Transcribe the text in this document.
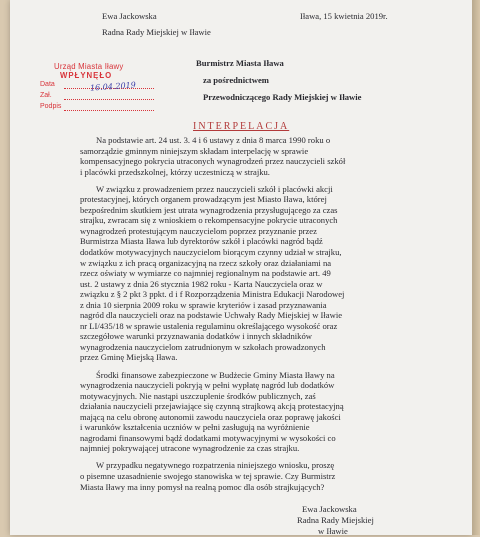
Ewa Jackowska
Radna Rady Miejskiej w Iławie
Iława, 15 kwietnia 2019r.
Urząd Miasta Iławy
WPŁYNĘŁO
Data	16.04.2019
Zał.
Podpis
Burmistrz Miasta Iława
za pośrednictwem
Przewodniczącego Rady Miejskiej w Iławie
INTERPELACJA
Na podstawie art. 24 ust. 3. 4 i 6 ustawy z dnia 8 marca 1990 roku o
samorządzie gminnym niniejszym składam interpelację w sprawie
kompensacyjnego pokrycia utraconych wynagrodzeń przez nauczycieli szkół
i placówki przedszkolnej, którzy uczestniczą w strajku.
W związku z prowadzeniem przez nauczycieli szkół i placówki akcji
protestacyjnej, których organem prowadzącym jest Miasto Iława, której
bezpośrednim skutkiem jest utrata wynagrodzenia przysługującego za czas
strajku, zwracam się z wnioskiem o rekompensacyjne pokrycie utraconych
wynagrodzeń protestującym nauczycielom poprzez przyznanie przez
Burmistrza Miasta Iława lub dyrektorów szkół i placówki nagród bądź
dodatków motywacyjnych nauczycielom biorącym czynny udział w strajku,
w związku z ich pracą organizacyjną na rzecz szkoły oraz działaniami na
rzecz oświaty w wymiarze co najmniej regionalnym na podstawie art. 49
ust. 2 ustawy z dnia 26 stycznia 1982 roku - Karta Nauczyciela oraz w
związku z § 2 pkt 3 ppkt. d i f Rozporządzenia Ministra Edukacji Narodowej
z dnia 10 sierpnia 2009 roku w sprawie kryteriów i zasad przyznawania
nagród dla nauczycieli oraz na podstawie Uchwały Rady Miejskiej w Iławie
nr LI/435/18 w sprawie ustalenia regulaminu określającego wysokość oraz
szczegółowe warunki przyznawania dodatków i innych składników
wynagrodzenia nauczycielom zatrudnionym w szkołach prowadzonych
przez Gminę Miejską Iława.
Środki finansowe zabezpieczone w Budżecie Gminy Miasta Iławy na
wynagrodzenia nauczycieli pokryją w pełni wypłatę nagród lub dodatków
motywacyjnych. Nie nastąpi uszczuplenie środków publicznych, zaś
działania nauczycieli przejawiające się czynną strajkową akcją protestacyjną
mającą na celu obronę autonomii zawodu nauczyciela oraz poprawę jakości
i warunków kształcenia uczniów w pełni zasługują na wyróżnienie
nagrodami finansowymi bądź dodatkami motywacyjnymi w wysokości co
najmniej pokrywającej utracone wynagrodzenie za czas strajku.
W przypadku negatywnego rozpatrzenia niniejszego wniosku, proszę
o pisemne uzasadnienie swojego stanowiska w tej sprawie. Czy Burmistrz
Miasta Iławy ma inny pomysł na realną pomoc dla osób strajkujących?
Ewa Jackowska
Radna Rady Miejskiej
w Iławie
